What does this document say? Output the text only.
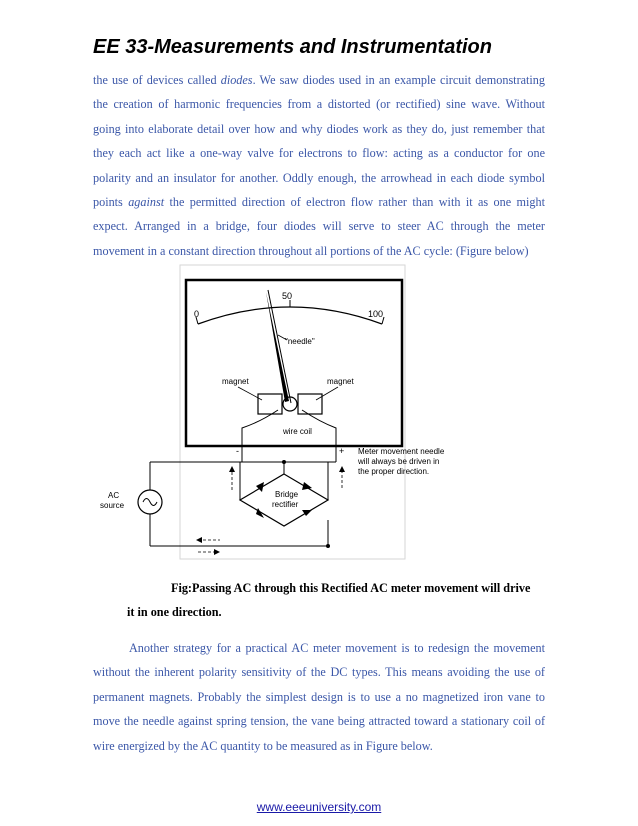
EE 33-Measurements and Instrumentation

the use of devices called diodes. We saw diodes used in an example circuit demonstrating the creation of harmonic frequencies from a distorted (or rectified) sine wave. Without going into elaborate detail over how and why diodes work as they do, just remember that they each act like a one-way valve for electrons to flow: acting as a conductor for one polarity and an insulator for another. Oddly enough, the arrowhead in each diode symbol points against the permitted direction of electron flow rather than with it as one might expect. Arranged in a bridge, four diodes will serve to steer AC through the meter movement in a constant direction throughout all portions of the AC cycle: (Figure below)

0
50
100
"needle"
magnet	magnet
wire coil
-	+ Meter movement needle
will always be driven in
the proper direction.
Bridge
rectifier
AC
source
Fig:Passing AC through this Rectified AC meter movement will drive
it in one direction.

Another strategy for a practical AC meter movement is to redesign the movement without the inherent polarity sensitivity of the DC types. This means avoiding the use of permanent magnets. Probably the simplest design is to use a no magnetized iron vane to move the needle against spring tension, the vane being attracted toward a stationary coil of wire energized by the AC quantity to be measured as in Figure below.

www.eeeuniversity.com
